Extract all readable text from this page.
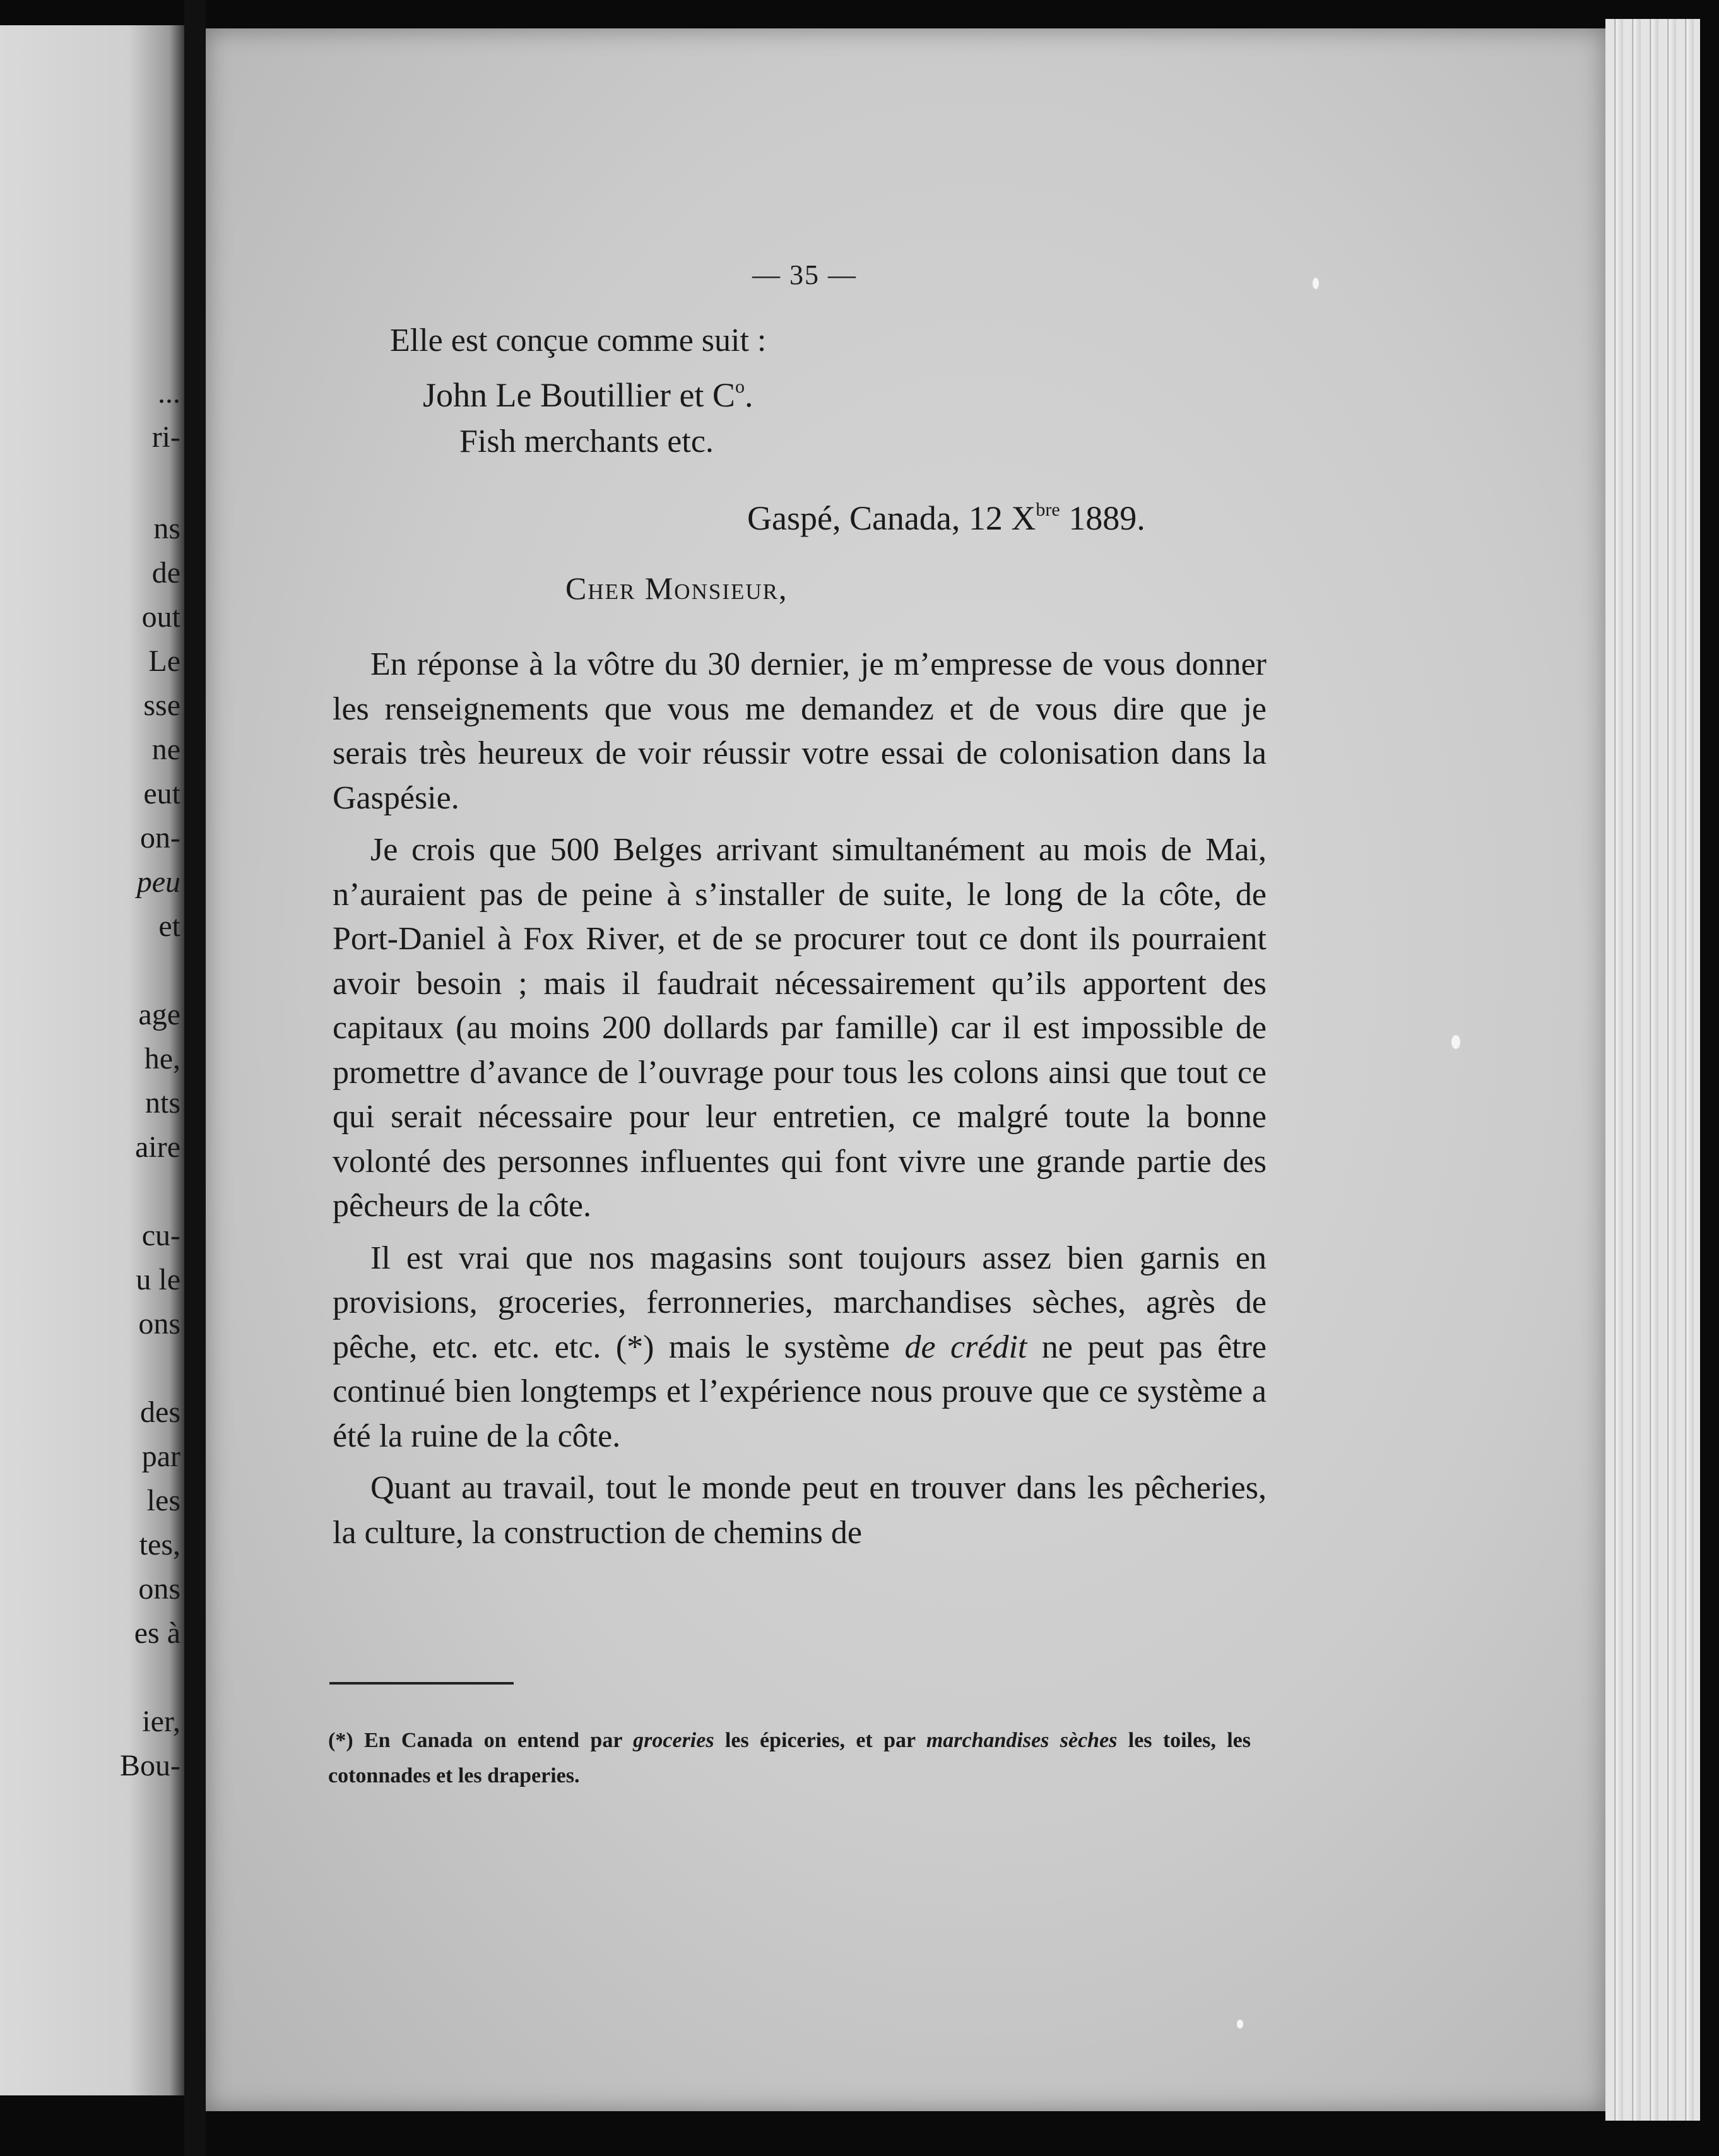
...
ri-
ns
de
out
Le
sse
ne
eut
on-
peu
et
age
he,
nts
aire
cu-
u le
ons
des
par
les
tes,
ons
es à
ier,
Bou-
— 35 —
Elle est conçue comme suit :
John Le Boutillier et $C^o$.
Fish merchants etc.
Gaspé, Canada, 12 $X^{bre}$ 1889.
Cher Monsieur,

En réponse à la vôtre du 30 dernier, je m’empresse de vous donner les renseignements que vous me demandez et de vous dire que je serais très heureux de voir réussir votre essai de colonisation dans la Gaspésie.

Je crois que 500 Belges arrivant simultanément au mois de Mai, n’auraient pas de peine à s’installer de suite, le long de la côte, de Port-Daniel à Fox River, et de se procurer tout ce dont ils pourraient avoir besoin ; mais il faudrait nécessairement qu’ils apportent des capitaux (au moins 200 dollards par famille) car il est impossible de promettre d’avance de l’ouvrage pour tous les colons ainsi que tout ce qui serait nécessaire pour leur entretien, ce malgré toute la bonne volonté des personnes influentes qui font vivre une grande partie des pêcheurs de la côte.

Il est vrai que nos magasins sont toujours assez bien garnis en provisions, groceries, ferronneries, marchandises sèches, agrès de pêche, etc. etc. etc. (*) mais le système de crédit ne peut pas être continué bien longtemps et l’expérience nous prouve que ce système a été la ruine de la côte.

Quant au travail, tout le monde peut en trouver dans les pêcheries, la culture, la construction de chemins de

(*) En Canada on entend par groceries les épiceries, et par marchandises sèches les toiles, les cotonnades et les draperies.
